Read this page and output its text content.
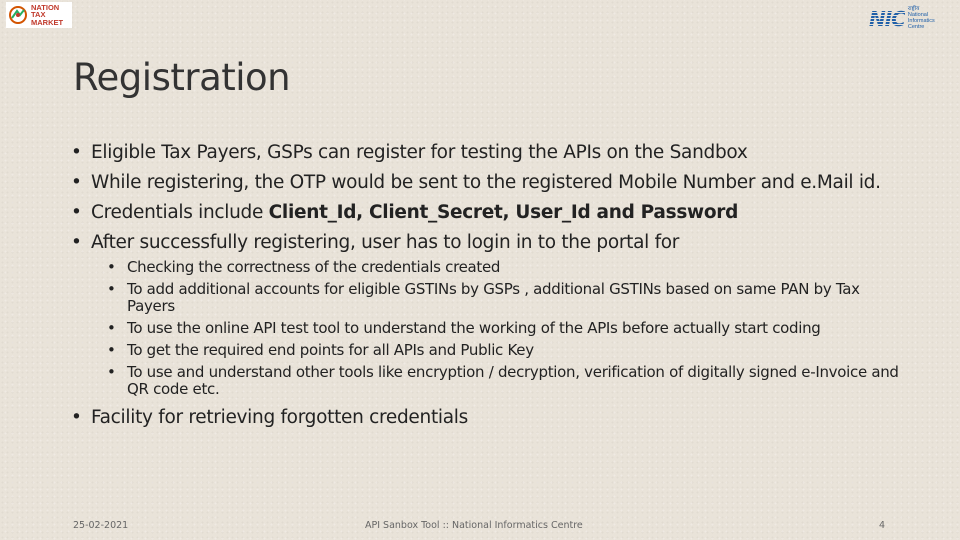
NATION
TAX
MARKET	NIC राष्ट्रीय
National
Informatics
Centre
Registration
• Eligible Tax Payers, GSPs can register for testing the APIs on the Sandbox
• While registering, the OTP would be sent to the registered Mobile Number and e.Mail id.
• Credentials include Client_Id, Client_Secret, User_Id and Password
• After successfully registering, user has to login in to the portal for
• Checking the correctness of the credentials created
• To add additional accounts for eligible GSTINs by GSPs , additional GSTINs based on same PAN by Tax Payers
• To use the online API test tool to understand the working of the APIs before actually start coding
• To get the required end points for all APIs and Public Key
• To use and understand other tools like encryption / decryption, verification of digitally signed e-Invoice and QR code etc.
• Facility for retrieving forgotten credentials
25-02-2021	API Sanbox Tool :: National Informatics Centre	4
